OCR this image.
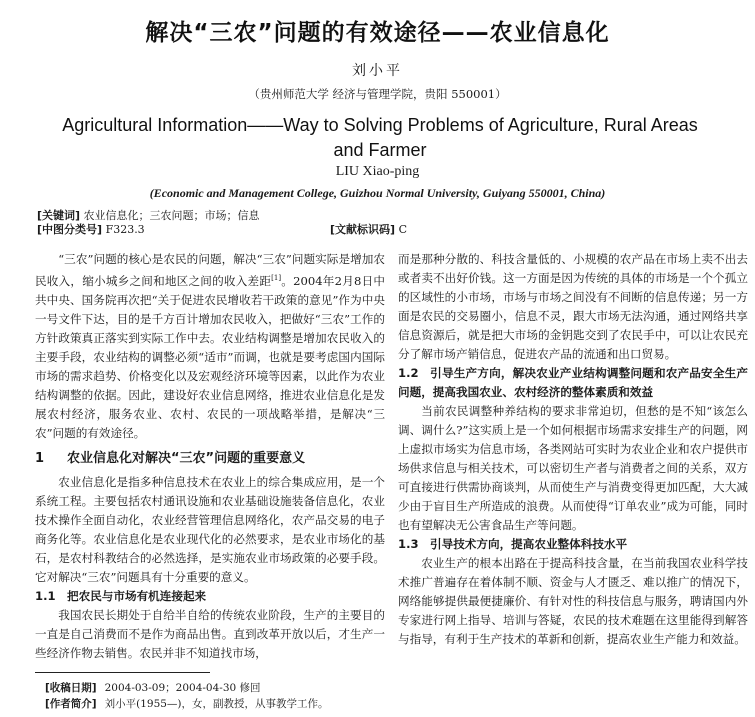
解决“三农”问题的有效途径——农业信息化
刘小平
（贵州师范大学 经济与管理学院，贵阳 550001）
Agricultural Information——Way to Solving Problems of Agriculture, Rural Areas and Farmer
LIU Xiao-ping
(Economic and Management College, Guizhou Normal University, Guiyang 550001, China)
[关键词] 农业信息化；三农问题；市场；信息
[中图分类号] F323.3	[文献标识码] C

“三农”问题的核心是农民的问题，解决“三农”问题实际是增加农民收入，缩小城乡之间和地区之间的收入差距[1]。2004年2月8日中共中央、国务院再次把“关于促进农民增收若干政策的意见”作为中央一号文件下达，目的是千方百计增加农民收入，把做好“三农”工作的方针政策真正落实到实际工作中去。农业结构调整是增加农民收入的主要手段，农业结构的调整必须“适市”而调，也就是要考虑国内国际市场的需求趋势、价格变化以及宏观经济环境等因素，以此作为农业结构调整的依据。因此，建设好农业信息网络，推进农业信息化是发展农村经济，服务农业、农村、农民的一项战略举措，是解决“三农”问题的有效途径。

1 农业信息化对解决“三农”问题的重要意义

农业信息化是指多种信息技术在农业上的综合集成应用，是一个系统工程。主要包括农村通讯设施和农业基础设施装备信息化，农业技术操作全面自动化，农业经营管理信息网络化，农产品交易的电子商务化等。农业信息化是农业现代化的必然要求，是农业市场化的基石，是农村科教结合的必然选择，是实施农业市场政策的必要手段。它对解决“三农”问题具有十分重要的意义。

1.1 把农民与市场有机连接起来

我国农民长期处于自给半自给的传统农业阶段，生产的主要目的一直是自己消费而不是作为商品出售。直到改革开放以后，才生产一些经济作物去销售。农民并非不知道找市场，

而是那种分散的、科技含量低的、小规模的农产品在市场上卖不出去或者卖不出好价钱。这一方面是因为传统的具体的市场是一个个孤立的区域性的小市场，市场与市场之间没有不间断的信息传递；另一方面是农民的交易圈小，信息不灵，跟大市场无法沟通，通过网络共享信息资源后，就是把大市场的金钥匙交到了农民手中，可以让农民充分了解市场产销信息，促进农产品的流通和出口贸易。

1.2 引导生产方向，解决农业产业结构调整问题和农产品安全生产问题，提高我国农业、农村经济的整体素质和效益

当前农民调整种养结构的要求非常迫切，但愁的是不知“该怎么调、调什么?”这实质上是一个如何根据市场需求安排生产的问题，网上虚拟市场实为信息市场，各类网站可实时为农业企业和农户提供市场供求信息与相关技术，可以密切生产者与消费者之间的关系，双方可直接进行供需协商谈判，从而使生产与消费变得更加匹配，大大减少由于盲目生产所造成的浪费。从而使得“订单农业”成为可能，同时也有望解决无公害食品生产等问题。

1.3 引导技术方向，提高农业整体科技水平

农业生产的根本出路在于提高科技含量，在当前我国农业科学技术推广普遍存在着体制不顺、资金与人才匮乏、难以推广的情况下，网络能够提供最便捷廉价、有针对性的科技信息与服务，聘请国内外专家进行网上指导、培训与答疑，农民的技术难题在这里能得到解答与指导，有利于生产技术的革新和创新，提高农业生产能力和效益。

[收稿日期] 2004-03-09；2004-04-30 修回
[作者简介] 刘小平(1955—)，女，副教授，从事教学工作。
